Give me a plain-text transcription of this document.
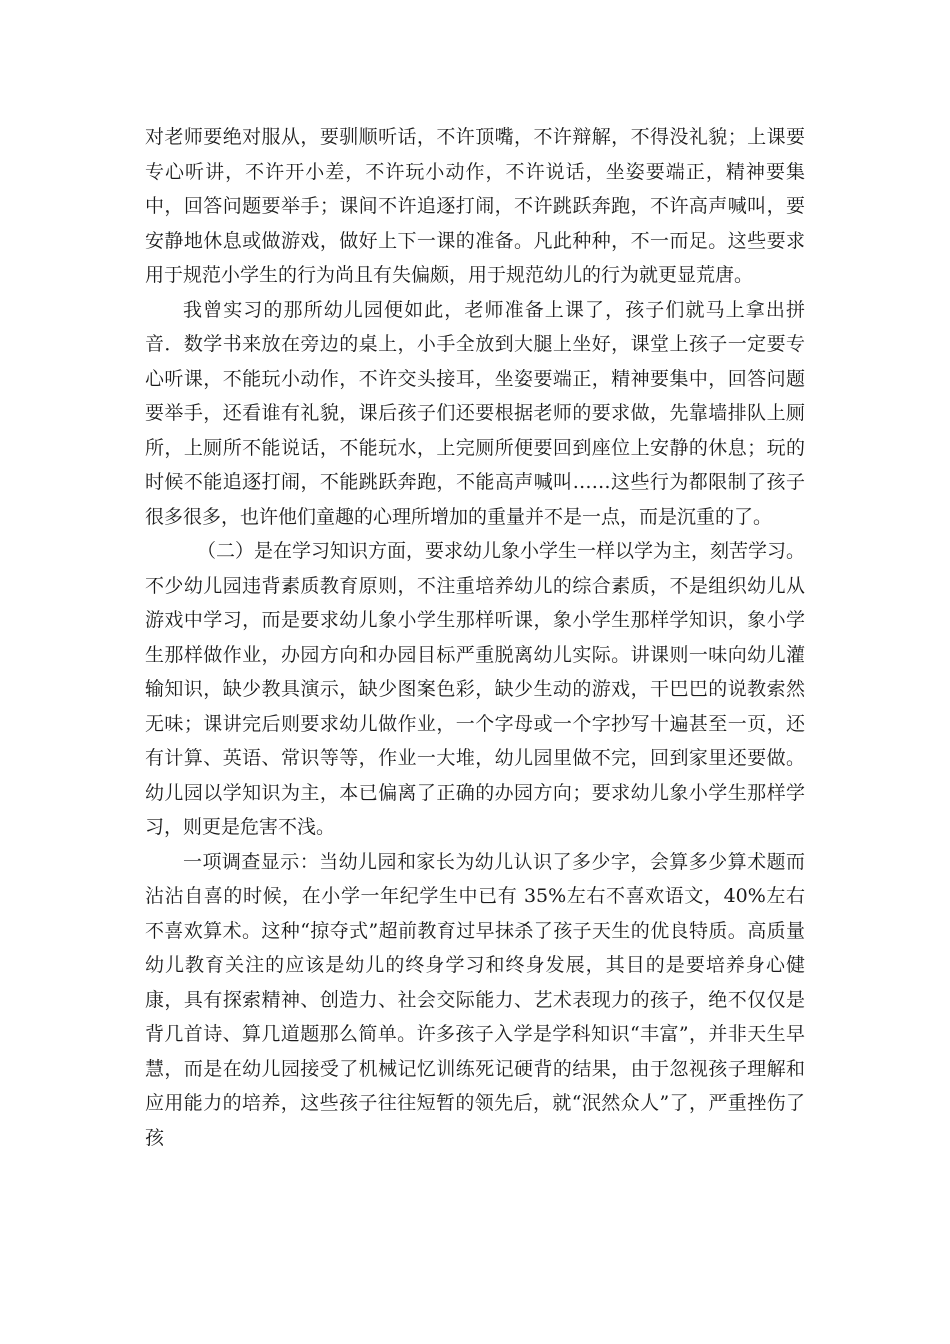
对老师要绝对服从，要驯顺听话，不许顶嘴，不许辩解，不得没礼貌；上课要专心听讲，不许开小差，不许玩小动作，不许说话，坐姿要端正，精神要集中，回答问题要举手；课间不许追逐打闹，不许跳跃奔跑，不许高声喊叫，要安静地休息或做游戏，做好上下一课的准备。凡此种种，不一而足。这些要求用于规范小学生的行为尚且有失偏颇，用于规范幼儿的行为就更显荒唐。

我曾实习的那所幼儿园便如此，老师准备上课了，孩子们就马上拿出拼音．数学书来放在旁边的桌上，小手全放到大腿上坐好，课堂上孩子一定要专心听课，不能玩小动作，不许交头接耳，坐姿要端正，精神要集中，回答问题要举手，还看谁有礼貌，课后孩子们还要根据老师的要求做，先靠墙排队上厕所，上厕所不能说话，不能玩水，上完厕所便要回到座位上安静的休息；玩的时候不能追逐打闹，不能跳跃奔跑，不能高声喊叫……这些行为都限制了孩子很多很多，也许他们童趣的心理所增加的重量并不是一点，而是沉重的了。

（二）是在学习知识方面，要求幼儿象小学生一样以学为主，刻苦学习。不少幼儿园违背素质教育原则，不注重培养幼儿的综合素质，不是组织幼儿从游戏中学习，而是要求幼儿象小学生那样听课，象小学生那样学知识，象小学生那样做作业，办园方向和办园目标严重脱离幼儿实际。讲课则一味向幼儿灌输知识，缺少教具演示，缺少图案色彩，缺少生动的游戏，干巴巴的说教索然无味；课讲完后则要求幼儿做作业，一个字母或一个字抄写十遍甚至一页，还有计算、英语、常识等等，作业一大堆，幼儿园里做不完，回到家里还要做。幼儿园以学知识为主，本已偏离了正确的办园方向；要求幼儿象小学生那样学习，则更是危害不浅。

一项调查显示：当幼儿园和家长为幼儿认识了多少字，会算多少算术题而沾沾自喜的时候，在小学一年纪学生中已有 35%左右不喜欢语文，40%左右不喜欢算术。这种“掠夺式”超前教育过早抹杀了孩子天生的优良特质。高质量幼儿教育关注的应该是幼儿的终身学习和终身发展，其目的是要培养身心健康，具有探索精神、创造力、社会交际能力、艺术表现力的孩子，绝不仅仅是背几首诗、算几道题那么简单。许多孩子入学是学科知识“丰富”，并非天生早慧，而是在幼儿园接受了机械记忆训练死记硬背的结果，由于忽视孩子理解和应用能力的培养，这些孩子往往短暂的领先后，就“泯然众人”了，严重挫伤了孩
